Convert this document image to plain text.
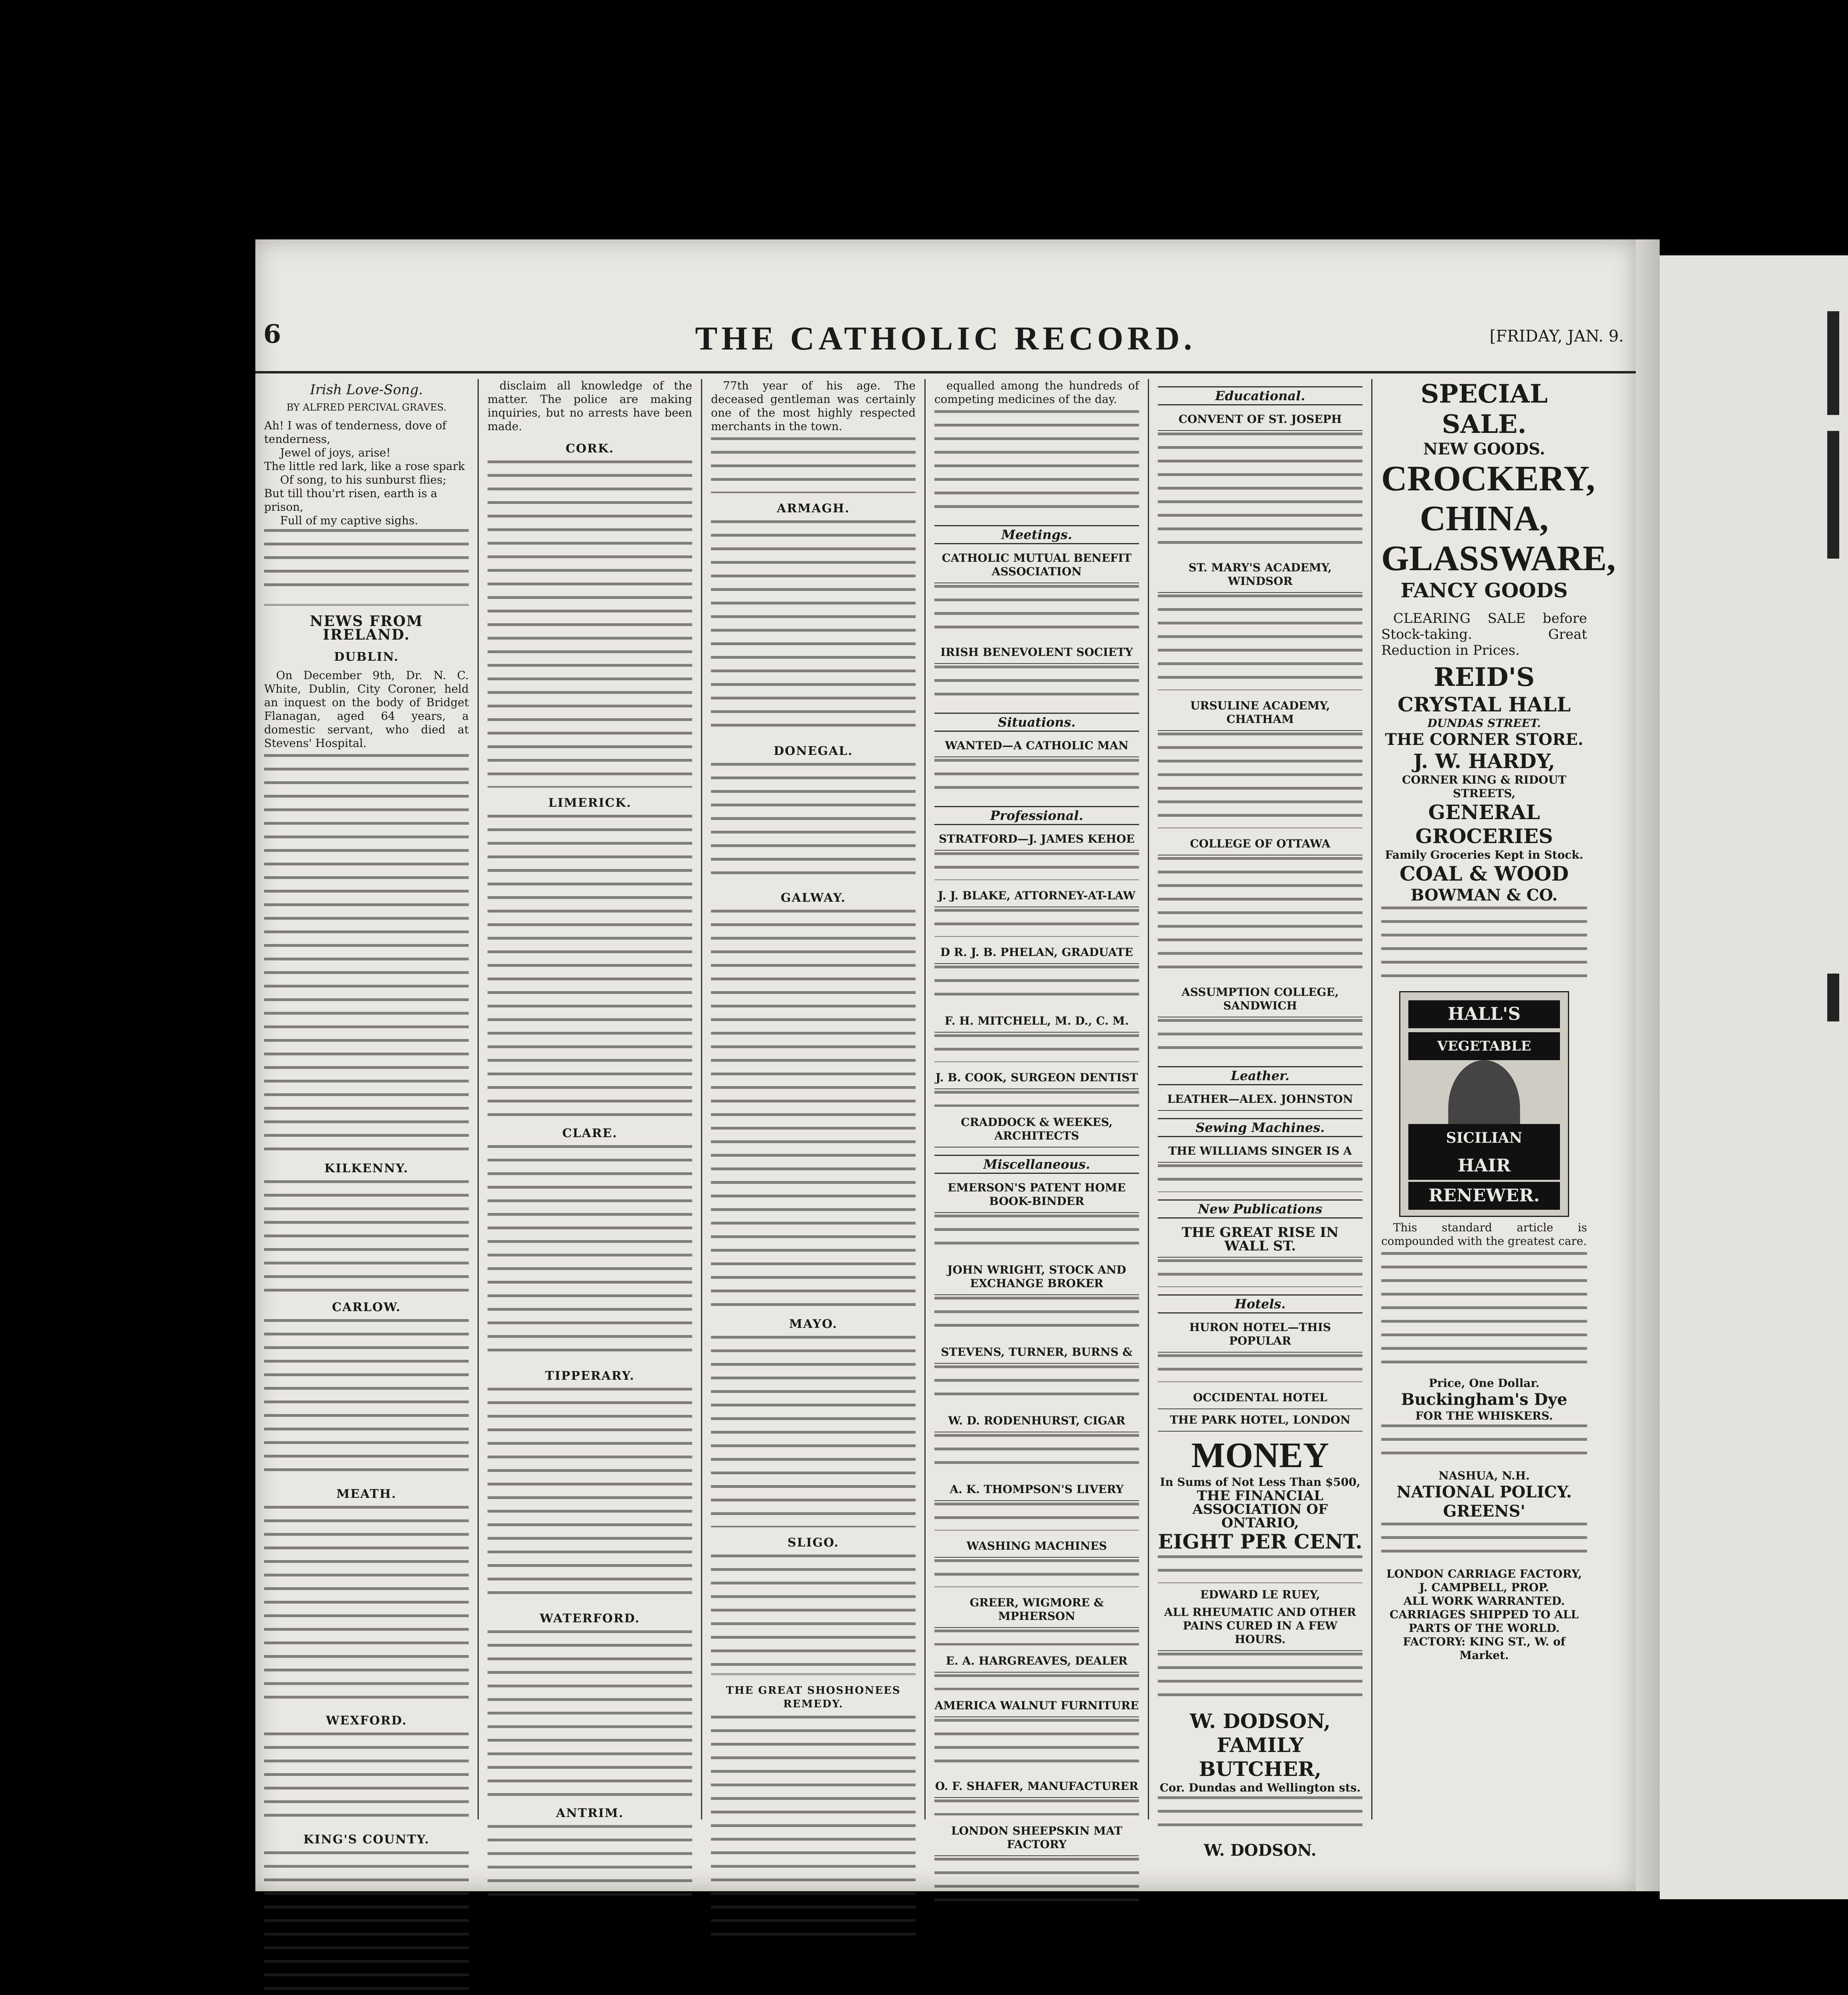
6	THE CATHOLIC RECORD.	[FRIDAY, JAN. 9.
Irish Love-Song.
BY ALFRED PERCIVAL GRAVES.

Ah! I was of tenderness, dove of tenderness,

Jewel of joys, arise!

The little red lark, like a rose spark

Of song, to his sunburst flies;

But till thou'rt risen, earth is a prison,

Full of my captive sighs.

NEWS FROM IRELAND.
DUBLIN.

On December 9th, Dr. N. C. White, Dublin, City Coroner, held an inquest on the body of Bridget Flanagan, aged 64 years, a domestic servant, who died at Stevens' Hospital.

KILKENNY.
CARLOW.
MEATH.
WEXFORD.
KING'S COUNTY.

disclaim all knowledge of the matter. The police are making inquiries, but no arrests have been made.

CORK.
LIMERICK.
CLARE.
TIPPERARY.
WATERFORD.
ANTRIM.

77th year of his age. The deceased gentleman was certainly one of the most highly respected merchants in the town.

ARMAGH.
DONEGAL.
GALWAY.
MAYO.
SLIGO.
THE GREAT SHOSHONEES REMEDY.

equalled among the hundreds of competing medicines of the day.

Meetings.
CATHOLIC MUTUAL BENEFIT ASSOCIATION
IRISH BENEVOLENT SOCIETY
Situations.
WANTED—A CATHOLIC MAN
Professional.
STRATFORD—J. JAMES KEHOE
J. J. BLAKE, ATTORNEY-AT-LAW
D R. J. B. PHELAN, GRADUATE
F. H. MITCHELL, M. D., C. M.
J. B. COOK, SURGEON DENTIST
CRADDOCK & WEEKES, ARCHITECTS
Miscellaneous.
EMERSON'S PATENT HOME BOOK-BINDER
JOHN WRIGHT, STOCK AND EXCHANGE BROKER
STEVENS, TURNER, BURNS &
W. D. RODENHURST, CIGAR
A. K. THOMPSON'S LIVERY
WASHING MACHINES
GREER, WIGMORE & MPHERSON
E. A. HARGREAVES, DEALER
AMERICA WALNUT FURNITURE
O. F. SHAFER, MANUFACTURER
LONDON SHEEPSKIN MAT FACTORY
Educational.
CONVENT OF ST. JOSEPH
ST. MARY'S ACADEMY, WINDSOR
URSULINE ACADEMY, CHATHAM
COLLEGE OF OTTAWA
ASSUMPTION COLLEGE, SANDWICH
Leather.
LEATHER—ALEX. JOHNSTON
Sewing Machines.
THE WILLIAMS SINGER IS A
New Publications
THE GREAT RISE IN WALL ST.
Hotels.
HURON HOTEL—THIS POPULAR
OCCIDENTAL HOTEL
THE PARK HOTEL, LONDON
MONEY
In Sums of Not Less Than $500,
THE FINANCIAL ASSOCIATION OF ONTARIO,
EIGHT PER CENT.
EDWARD LE RUEY,
ALL RHEUMATIC AND OTHER PAINS CURED IN A FEW HOURS.
W. DODSON,
FAMILY BUTCHER,
Cor. Dundas and Wellington sts.
W. DODSON.
SPECIAL SALE.
NEW GOODS.
CROCKERY,
CHINA,
GLASSWARE,
FANCY GOODS

CLEARING SALE before Stock-taking. Great Reduction in Prices.

REID'S
CRYSTAL HALL
DUNDAS STREET.
THE CORNER STORE.
J. W. HARDY,
CORNER KING & RIDOUT STREETS,
GENERAL GROCERIES
Family Groceries Kept in Stock.
COAL & WOOD
BOWMAN & CO.
HALL'S
VEGETABLE
SICILIAN
HAIR
RENEWER.

This standard article is compounded with the greatest care.

Price, One Dollar.
Buckingham's Dye
FOR THE WHISKERS.
NASHUA, N.H.
NATIONAL POLICY.
GREENS'
LONDON CARRIAGE FACTORY,
J. CAMPBELL, PROP.
ALL WORK WARRANTED.
CARRIAGES SHIPPED TO ALL PARTS OF THE WORLD.
FACTORY: KING ST., W. of Market.
